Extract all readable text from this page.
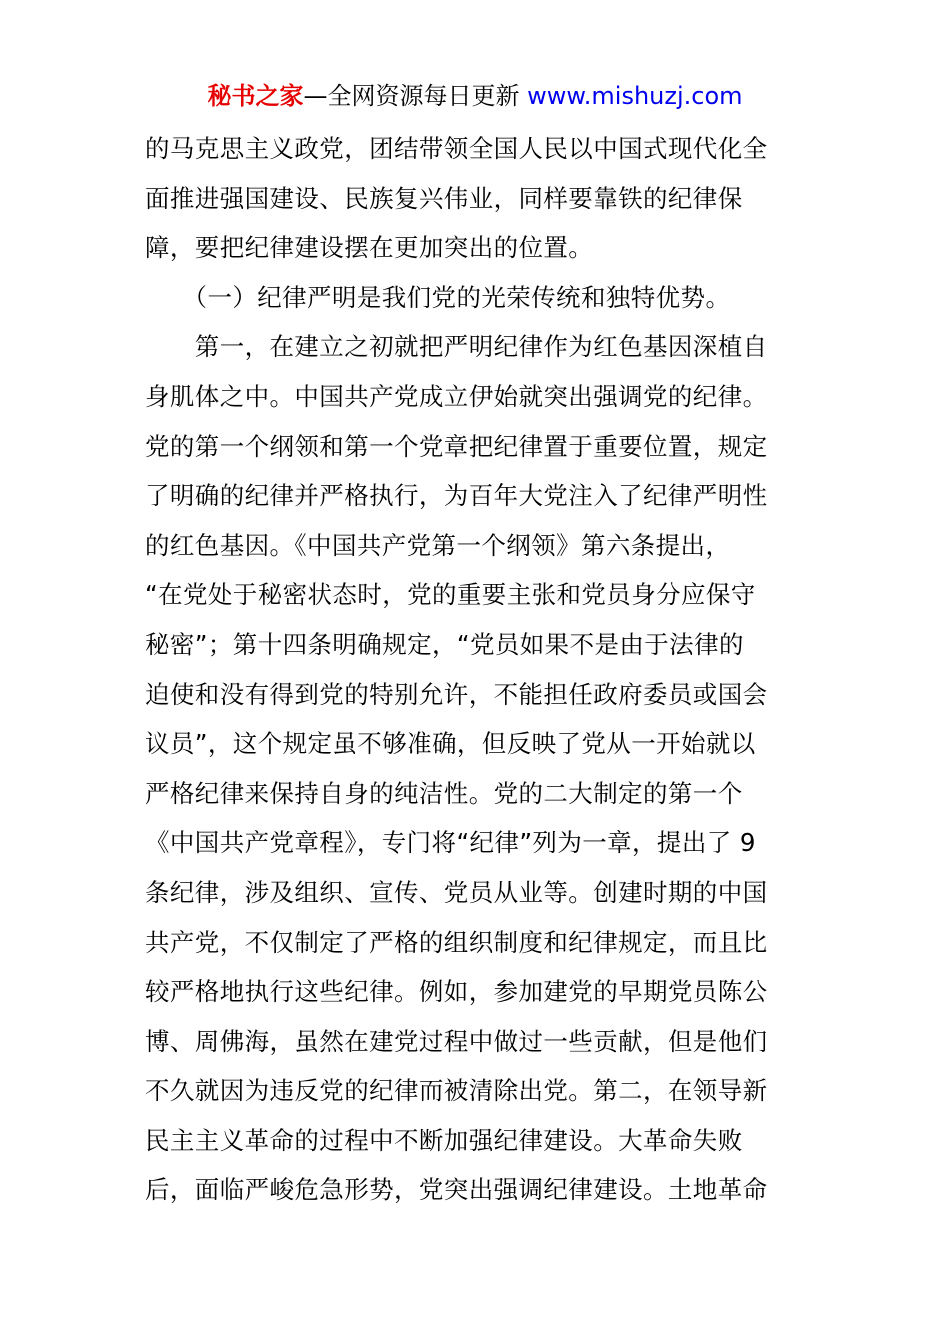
秘书之家—全网资源每日更新 www.mishuzj.com
的马克思主义政党，团结带领全国人民以中国式现代化全
面推进强国建设、民族复兴伟业，同样要靠铁的纪律保
障，要把纪律建设摆在更加突出的位置。
　　（一）纪律严明是我们党的光荣传统和独特优势。
　　第一，在建立之初就把严明纪律作为红色基因深植自
身肌体之中。中国共产党成立伊始就突出强调党的纪律。
党的第一个纲领和第一个党章把纪律置于重要位置，规定
了明确的纪律并严格执行，为百年大党注入了纪律严明性
的红色基因。《中国共产党第一个纲领》第六条提出，
“在党处于秘密状态时，党的重要主张和党员身分应保守
秘密”；第十四条明确规定，“党员如果不是由于法律的
迫使和没有得到党的特别允许，不能担任政府委员或国会
议员”，这个规定虽不够准确，但反映了党从一开始就以
严格纪律来保持自身的纯洁性。党的二大制定的第一个
《中国共产党章程》，专门将“纪律”列为一章，提出了 9
条纪律，涉及组织、宣传、党员从业等。创建时期的中国
共产党，不仅制定了严格的组织制度和纪律规定，而且比
较严格地执行这些纪律。例如，参加建党的早期党员陈公
博、周佛海，虽然在建党过程中做过一些贡献，但是他们
不久就因为违反党的纪律而被清除出党。第二，在领导新
民主主义革命的过程中不断加强纪律建设。大革命失败
后，面临严峻危急形势，党突出强调纪律建设。土地革命
